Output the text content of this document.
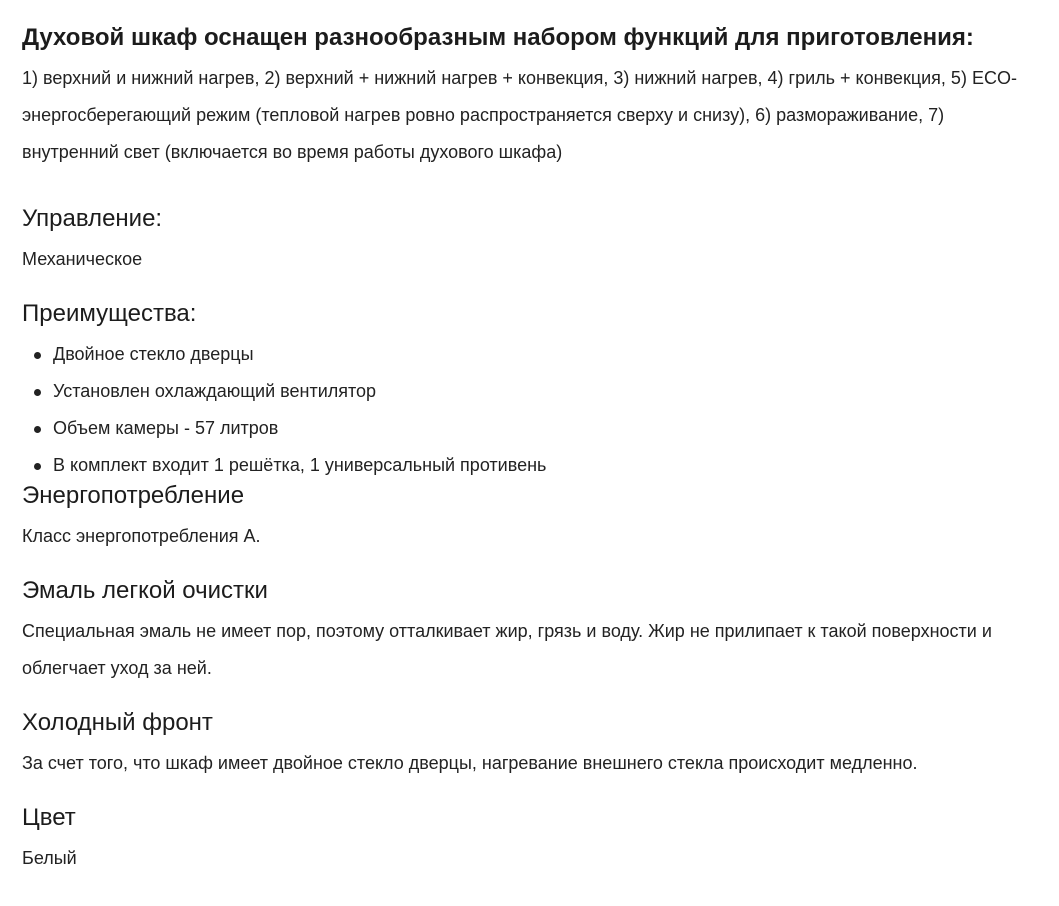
Духовой шкаф оснащен разнообразным набором функций для приготовления:

1) верхний и нижний нагрев, 2) верхний + нижний нагрев + конвекция, 3) нижний нагрев, 4) гриль + конвекция, 5) ECO-энергосберегающий режим (тепловой нагрев ровно распространяется сверху и снизу), 6) размораживание, 7) внутренний свет (включается во время работы духового шкафа)

Управление:

Механическое

Преимущества:
Двойное стекло дверцы
Установлен охлаждающий вентилятор
Объем камеры - 57 литров
В комплект входит 1 решётка, 1 универсальный противень
Энергопотребление

Класс энергопотребления А.

Эмаль легкой очистки

Специальная эмаль не имеет пор, поэтому отталкивает жир, грязь и воду. Жир не прилипает к такой поверхности и облегчает уход за ней.

Холодный фронт

За счет того, что шкаф имеет двойное стекло дверцы, нагревание внешнего стекла происходит медленно.

Цвет

Белый
